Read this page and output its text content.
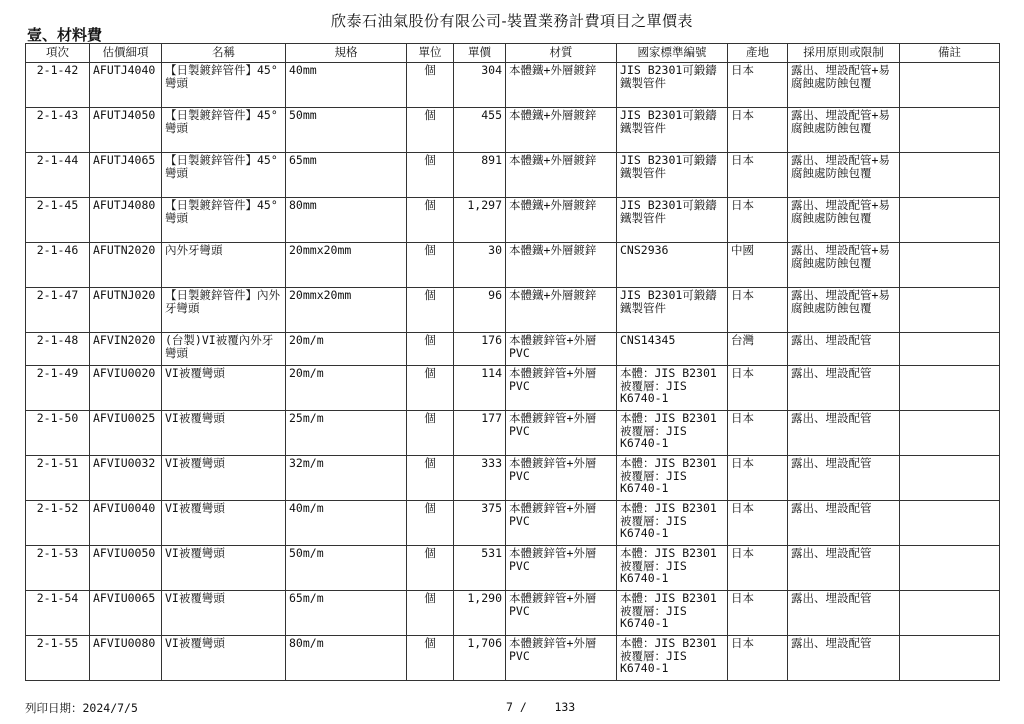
欣泰石油氣股份有限公司-裝置業務計費項目之單價表
壹、材料費
項次	估價細項	名稱	規格	單位	單價	材質	國家標準編號	產地	採用原則或限制	備註
2-1-42	AFUTJ4040	【日製鍍鋅管件】45°彎頭	40mm	個	304	本體鐵+外層鍍鋅	JIS B2301可鍛鑄鐵製管件	日本	露出、埋設配管+易腐蝕處防蝕包覆	
2-1-43	AFUTJ4050	【日製鍍鋅管件】45°彎頭	50mm	個	455	本體鐵+外層鍍鋅	JIS B2301可鍛鑄鐵製管件	日本	露出、埋設配管+易腐蝕處防蝕包覆	
2-1-44	AFUTJ4065	【日製鍍鋅管件】45°彎頭	65mm	個	891	本體鐵+外層鍍鋅	JIS B2301可鍛鑄鐵製管件	日本	露出、埋設配管+易腐蝕處防蝕包覆	
2-1-45	AFUTJ4080	【日製鍍鋅管件】45°彎頭	80mm	個	1,297	本體鐵+外層鍍鋅	JIS B2301可鍛鑄鐵製管件	日本	露出、埋設配管+易腐蝕處防蝕包覆	
2-1-46	AFUTN2020	內外牙彎頭	20mmx20mm	個	30	本體鐵+外層鍍鋅	CNS2936	中國	露出、埋設配管+易腐蝕處防蝕包覆	
2-1-47	AFUTNJ020	【日製鍍鋅管件】內外牙彎頭	20mmx20mm	個	96	本體鐵+外層鍍鋅	JIS B2301可鍛鑄鐵製管件	日本	露出、埋設配管+易腐蝕處防蝕包覆	
2-1-48	AFVIN2020	(台製)VI被覆內外牙彎頭	20m/m	個	176	本體鍍鋅管+外層PVC	CNS14345	台灣	露出、埋設配管	
2-1-49	AFVIU0020	VI被覆彎頭	20m/m	個	114	本體鍍鋅管+外層PVC	本體：JIS B2301被覆層：JIS K6740-1	日本	露出、埋設配管	
2-1-50	AFVIU0025	VI被覆彎頭	25m/m	個	177	本體鍍鋅管+外層PVC	本體：JIS B2301被覆層：JIS K6740-1	日本	露出、埋設配管	
2-1-51	AFVIU0032	VI被覆彎頭	32m/m	個	333	本體鍍鋅管+外層PVC	本體：JIS B2301被覆層：JIS K6740-1	日本	露出、埋設配管	
2-1-52	AFVIU0040	VI被覆彎頭	40m/m	個	375	本體鍍鋅管+外層PVC	本體：JIS B2301被覆層：JIS K6740-1	日本	露出、埋設配管	
2-1-53	AFVIU0050	VI被覆彎頭	50m/m	個	531	本體鍍鋅管+外層PVC	本體：JIS B2301被覆層：JIS K6740-1	日本	露出、埋設配管	
2-1-54	AFVIU0065	VI被覆彎頭	65m/m	個	1,290	本體鍍鋅管+外層PVC	本體：JIS B2301被覆層：JIS K6740-1	日本	露出、埋設配管	
2-1-55	AFVIU0080	VI被覆彎頭	80m/m	個	1,706	本體鍍鋅管+外層PVC	本體：JIS B2301被覆層：JIS K6740-1	日本	露出、埋設配管	
列印日期：2024/7/5	7 /    133
